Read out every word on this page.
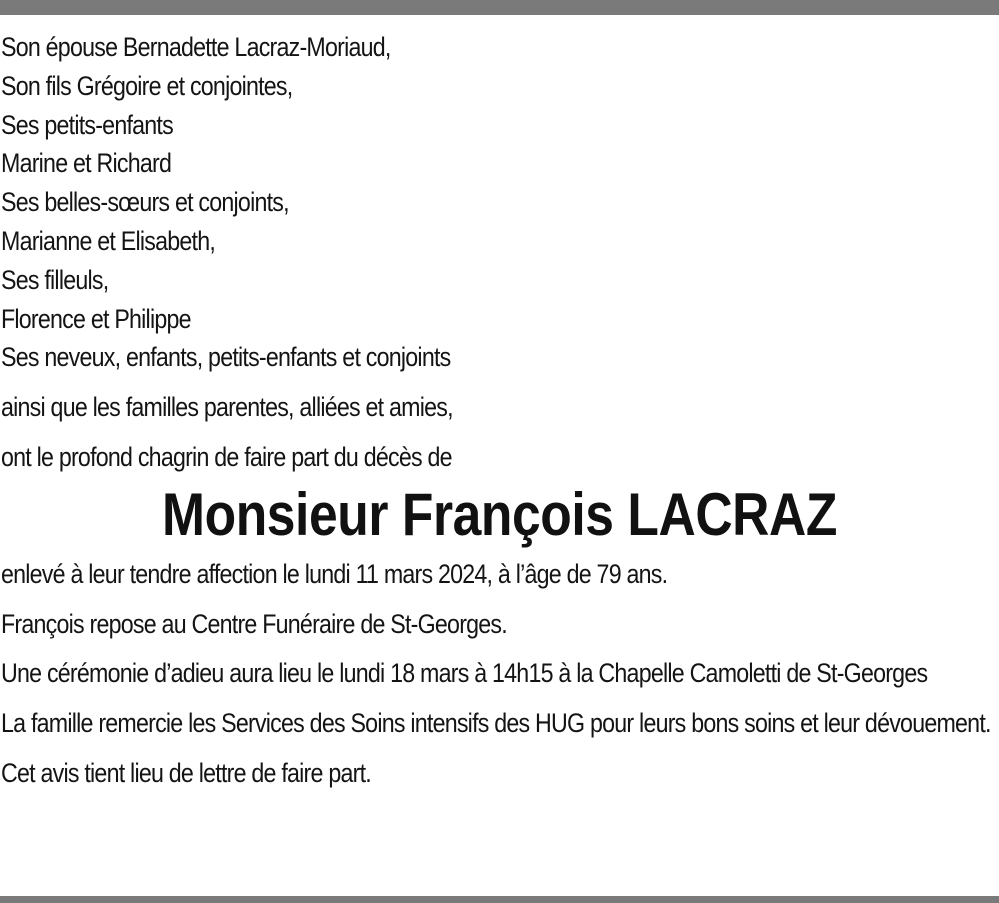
Son épouse Bernadette Lacraz-Moriaud,
Son fils Grégoire et conjointes,
Ses petits-enfants
Marine et Richard
Ses belles-sœurs et conjoints,
Marianne et Elisabeth,
Ses filleuls,
Florence et Philippe
Ses neveux, enfants, petits-enfants et conjoints
ainsi que les familles parentes, alliées et amies,
ont le profond chagrin de faire part du décès de
Monsieur François LACRAZ
enlevé à leur tendre affection le lundi 11 mars 2024, à l’âge de 79 ans.
François repose au Centre Funéraire de St-Georges.
Une cérémonie d’adieu aura lieu le lundi 18 mars à 14h15 à la Chapelle Camoletti de St-Georges
La famille remercie les Services des Soins intensifs des HUG pour leurs bons soins et leur dévouement.
Cet avis tient lieu de lettre de faire part.
